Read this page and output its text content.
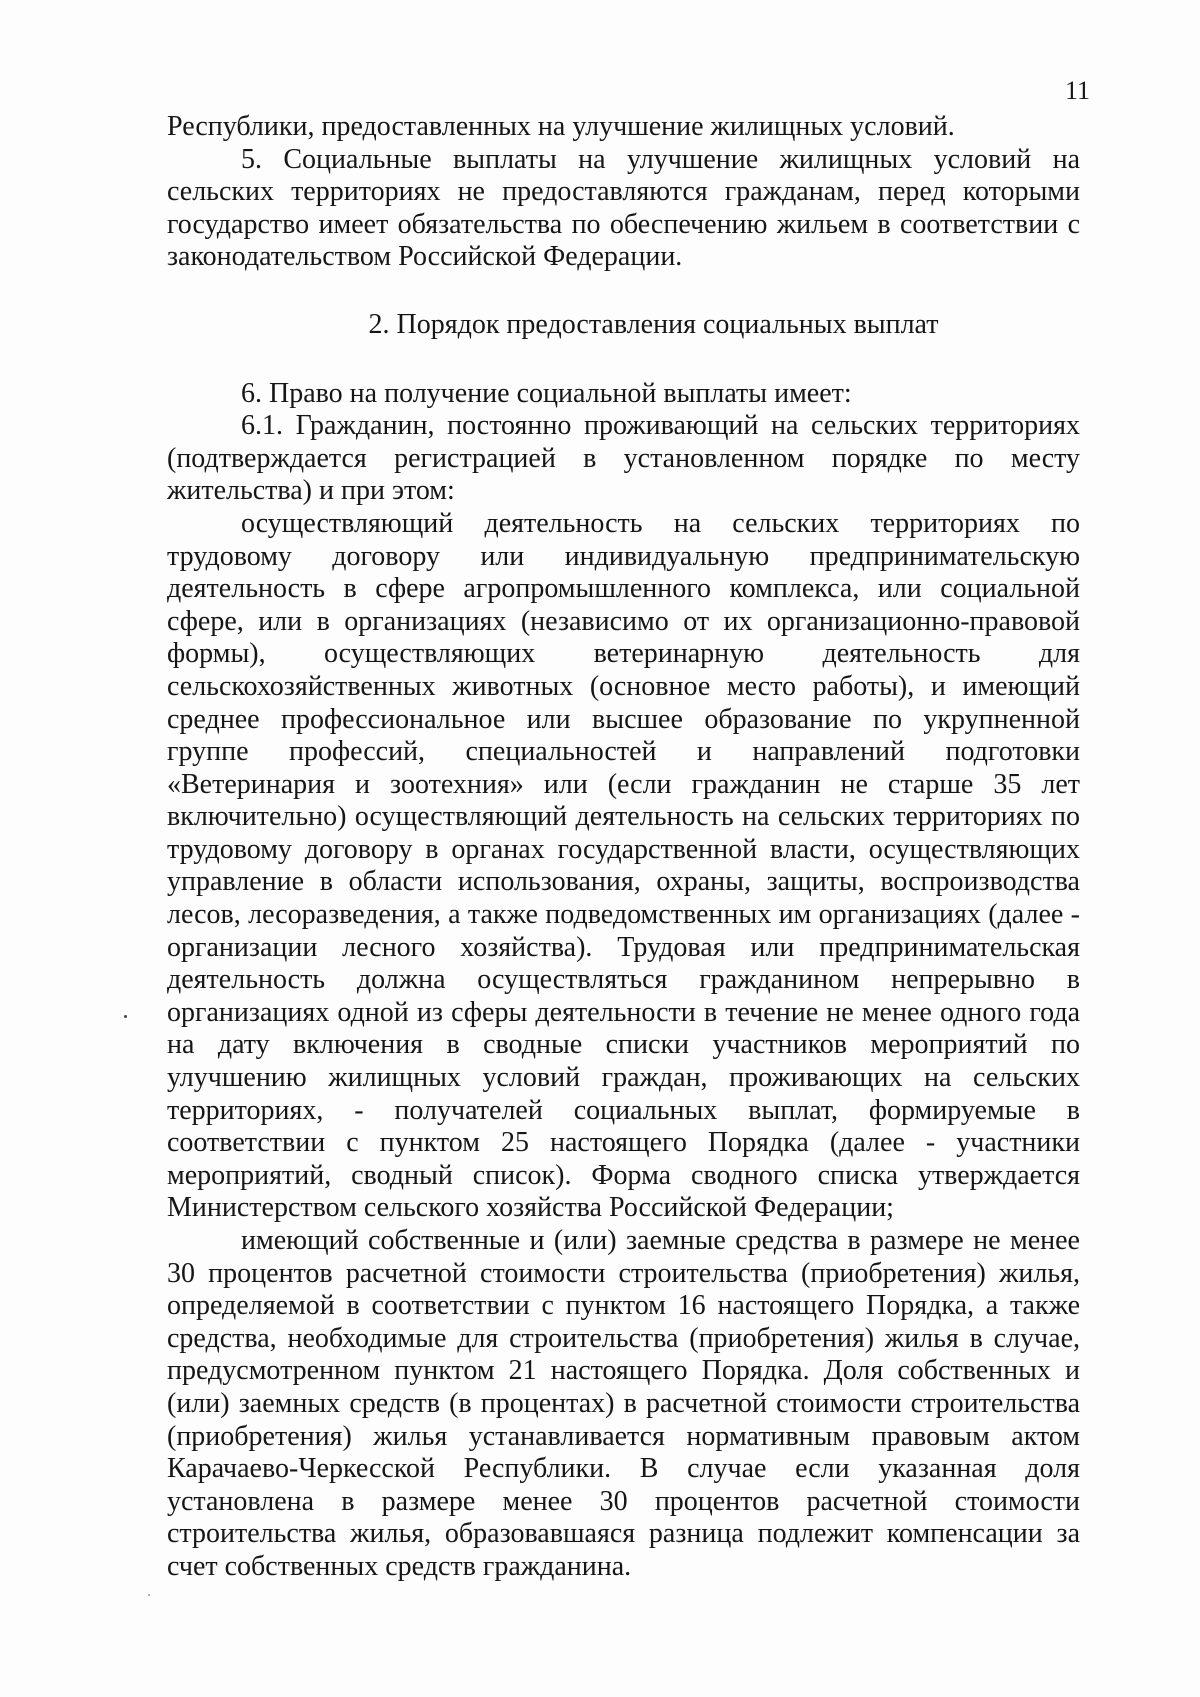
11

Республики, предоставленных на улучшение жилищных условий.

5. Социальные выплаты на улучшение жилищных условий на сельских территориях не предоставляются гражданам, перед которыми государство имеет обязательства по обеспечению жильем в соответствии с законодательством Российской Федерации.

2. Порядок предоставления социальных выплат

6. Право на получение социальной выплаты имеет:

6.1. Гражданин, постоянно проживающий на сельских территориях (подтверждается регистрацией в установленном порядке по месту жительства) и при этом:

осуществляющий деятельность на сельских территориях по трудовому договору или индивидуальную предпринимательскую деятельность в сфере агропромышленного комплекса, или социальной сфере, или в организациях (независимо от их организационно-правовой формы), осуществляющих ветеринарную деятельность для сельскохозяйственных животных (основное место работы), и имеющий среднее профессиональное или высшее образование по укрупненной группе профессий, специальностей и направлений подготовки «Ветеринария и зоотехния» или (если гражданин не старше 35 лет включительно) осуществляющий деятельность на сельских территориях по трудовому договору в органах государственной власти, осуществляющих управление в области использования, охраны, защиты, воспроизводства лесов, лесоразведения, а также подведомственных им организациях (далее - организации лесного хозяйства). Трудовая или предпринимательская деятельность должна осуществляться гражданином непрерывно в организациях одной из сферы деятельности в течение не менее одного года на дату включения в сводные списки участников мероприятий по улучшению жилищных условий граждан, проживающих на сельских территориях, - получателей социальных выплат, формируемые в соответствии с пунктом 25 настоящего Порядка (далее - участники мероприятий, сводный список). Форма сводного списка утверждается Министерством сельского хозяйства Российской Федерации;

имеющий собственные и (или) заемные средства в размере не менее 30 процентов расчетной стоимости строительства (приобретения) жилья, определяемой в соответствии с пунктом 16 настоящего Порядка, а также средства, необходимые для строительства (приобретения) жилья в случае, предусмотренном пунктом 21 настоящего Порядка. Доля собственных и (или) заемных средств (в процентах) в расчетной стоимости строительства (приобретения) жилья устанавливается нормативным правовым актом Карачаево-Черкесской Республики. В случае если указанная доля установлена в размере менее 30 процентов расчетной стоимости строительства жилья, образовавшаяся разница подлежит компенсации за счет собственных средств гражданина.
